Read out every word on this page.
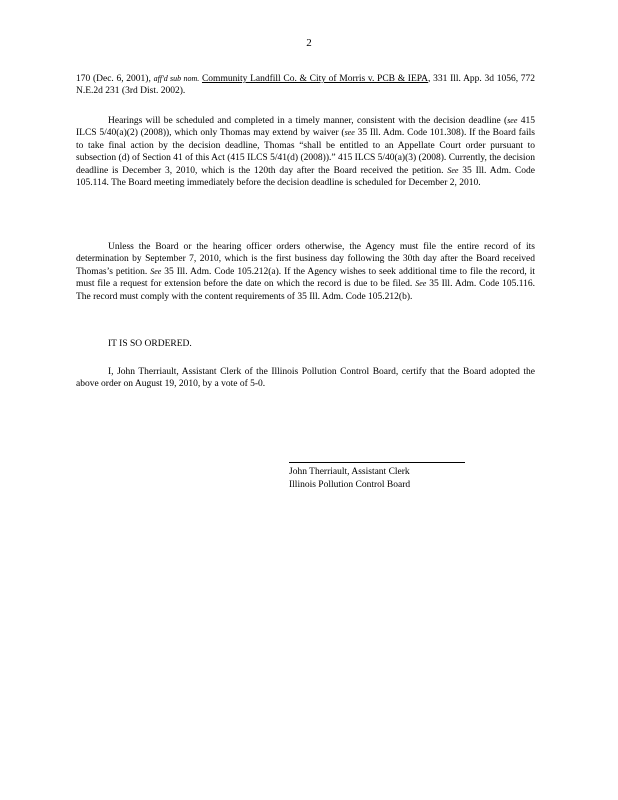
2
170 (Dec. 6, 2001), aff'd sub nom. Community Landfill Co. & City of Morris v. PCB & IEPA, 331 Ill. App. 3d 1056, 772 N.E.2d 231 (3rd Dist. 2002).
Hearings will be scheduled and completed in a timely manner, consistent with the decision deadline (see 415 ILCS 5/40(a)(2) (2008)), which only Thomas may extend by waiver (see 35 Ill. Adm. Code 101.308). If the Board fails to take final action by the decision deadline, Thomas “shall be entitled to an Appellate Court order pursuant to subsection (d) of Section 41 of this Act (415 ILCS 5/41(d) (2008)).” 415 ILCS 5/40(a)(3) (2008). Currently, the decision deadline is December 3, 2010, which is the 120th day after the Board received the petition. See 35 Ill. Adm. Code 105.114. The Board meeting immediately before the decision deadline is scheduled for December 2, 2010.
Unless the Board or the hearing officer orders otherwise, the Agency must file the entire record of its determination by September 7, 2010, which is the first business day following the 30th day after the Board received Thomas’s petition. See 35 Ill. Adm. Code 105.212(a). If the Agency wishes to seek additional time to file the record, it must file a request for extension before the date on which the record is due to be filed. See 35 Ill. Adm. Code 105.116. The record must comply with the content requirements of 35 Ill. Adm. Code 105.212(b).
IT IS SO ORDERED.
I, John Therriault, Assistant Clerk of the Illinois Pollution Control Board, certify that the Board adopted the above order on August 19, 2010, by a vote of 5-0.
John Therriault, Assistant Clerk
Illinois Pollution Control Board
